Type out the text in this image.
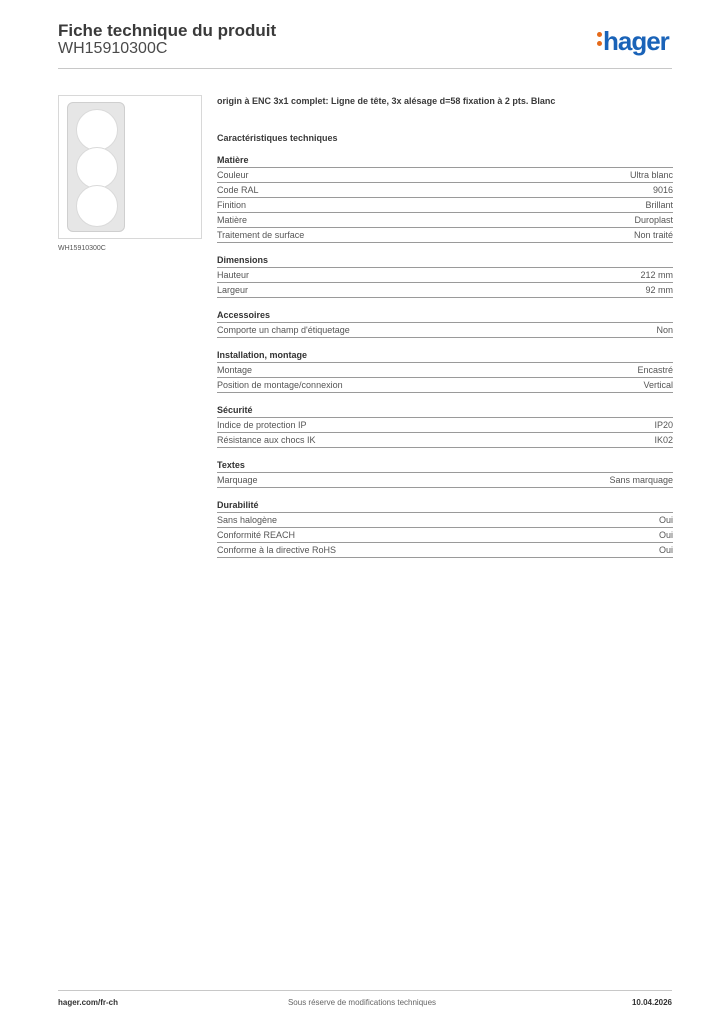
Fiche technique du produit
WH15910300C	hager
WH15910300C
origin à ENC 3x1 complet: Ligne de tête, 3x alésage d=58 fixation à 2 pts. Blanc
Caractéristiques techniques
Matière
Couleur	Ultra blanc
Code RAL	9016
Finition	Brillant
Matière	Duroplast
Traitement de surface	Non traité
Dimensions
Hauteur	212 mm
Largeur	92 mm
Accessoires
Comporte un champ d'étiquetage	Non
Installation, montage
Montage	Encastré
Position de montage/connexion	Vertical
Sécurité
Indice de protection IP	IP20
Résistance aux chocs IK	IK02
Textes
Marquage	Sans marquage
Durabilité
Sans halogène	Oui
Conformité REACH	Oui
Conforme à la directive RoHS	Oui
hager.com/fr-ch	Sous réserve de modifications techniques	10.04.2026
